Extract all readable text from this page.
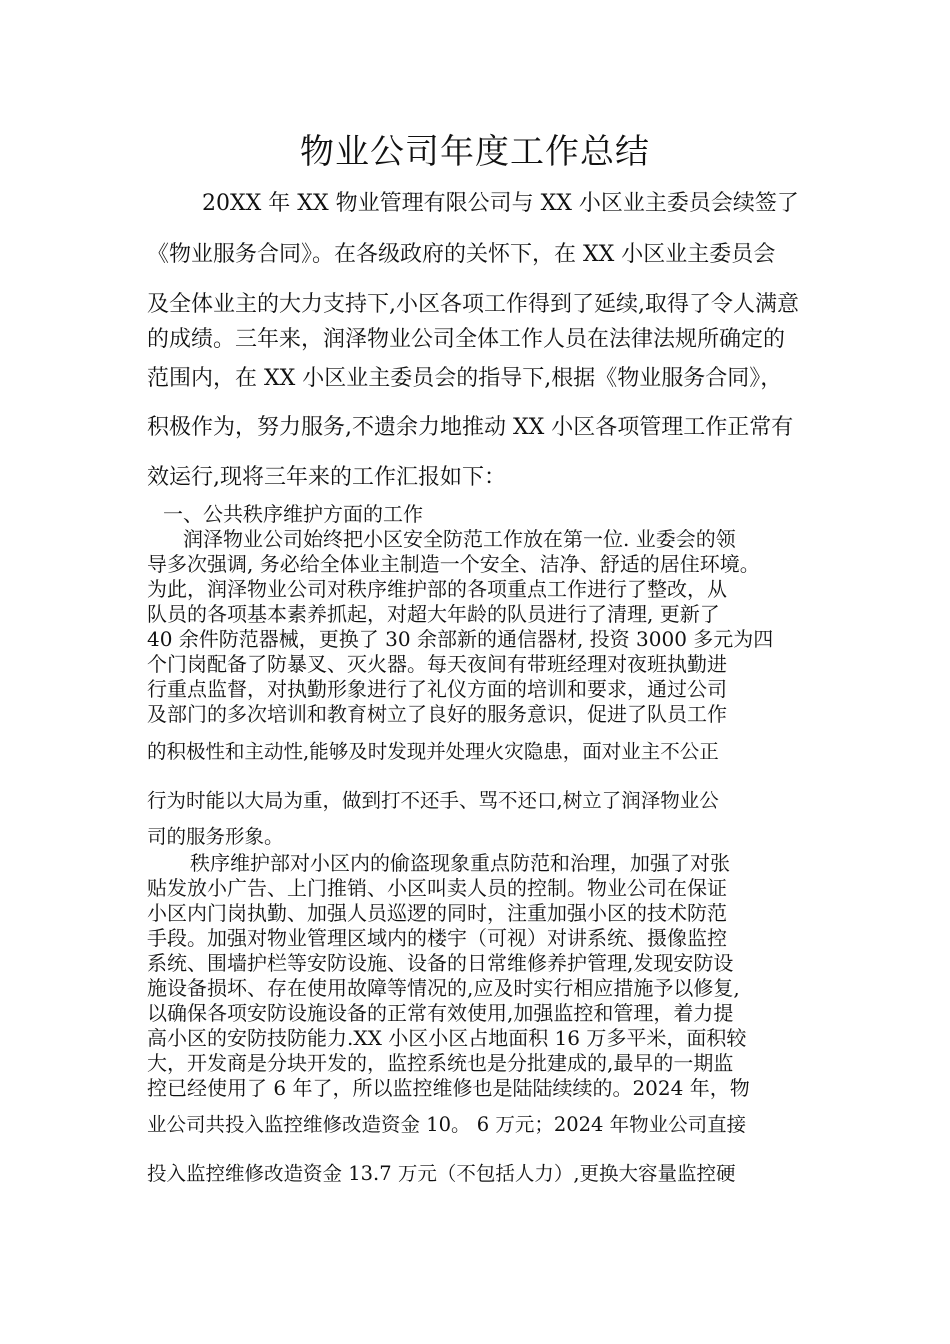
物业公司年度工作总结
20XX 年 XX 物业管理有限公司与 XX 小区业主委员会续签了
《物业服务合同》。在各级政府的关怀下，在 XX 小区业主委员会
及全体业主的大力支持下,小区各项工作得到了延续,取得了令人满意
的成绩。三年来，润泽物业公司全体工作人员在法律法规所确定的
范围内，在 XX 小区业主委员会的指导下,根据《物业服务合同》，
积极作为，努力服务,不遗余力地推动 XX 小区各项管理工作正常有
效运行,现将三年来的工作汇报如下：
一、公共秩序维护方面的工作
润泽物业公司始终把小区安全防范工作放在第一位. 业委会的领
导多次强调, 务必给全体业主制造一个安全、洁净、舒适的居住环境。
为此，润泽物业公司对秩序维护部的各项重点工作进行了整改，从
队员的各项基本素养抓起，对超大年龄的队员进行了清理, 更新了
40 余件防范器械，更换了 30 余部新的通信器材, 投资 3000 多元为四
个门岗配备了防暴叉、灭火器。每天夜间有带班经理对夜班执勤进
行重点监督，对执勤形象进行了礼仪方面的培训和要求，通过公司
及部门的多次培训和教育树立了良好的服务意识，促进了队员工作
的积极性和主动性,能够及时发现并处理火灾隐患，面对业主不公正
行为时能以大局为重，做到打不还手、骂不还口,树立了润泽物业公
司的服务形象。
秩序维护部对小区内的偷盗现象重点防范和治理，加强了对张
贴发放小广告、上门推销、小区叫卖人员的控制。物业公司在保证
小区内门岗执勤、加强人员巡逻的同时，注重加强小区的技术防范
手段。加强对物业管理区域内的楼宇（可视）对讲系统、摄像监控
系统、围墙护栏等安防设施、设备的日常维修养护管理,发现安防设
施设备损坏、存在使用故障等情况的,应及时实行相应措施予以修复,
以确保各项安防设施设备的正常有效使用,加强监控和管理，着力提
高小区的安防技防能力.XX 小区小区占地面积 16 万多平米，面积较
大，开发商是分块开发的，监控系统也是分批建成的,最早的一期监
控已经使用了 6 年了，所以监控维修也是陆陆续续的。2024 年，物
业公司共投入监控维修改造资金 10。 6 万元；2024 年物业公司直接
投入监控维修改造资金 13.7 万元（不包括人力）,更换大容量监控硬
